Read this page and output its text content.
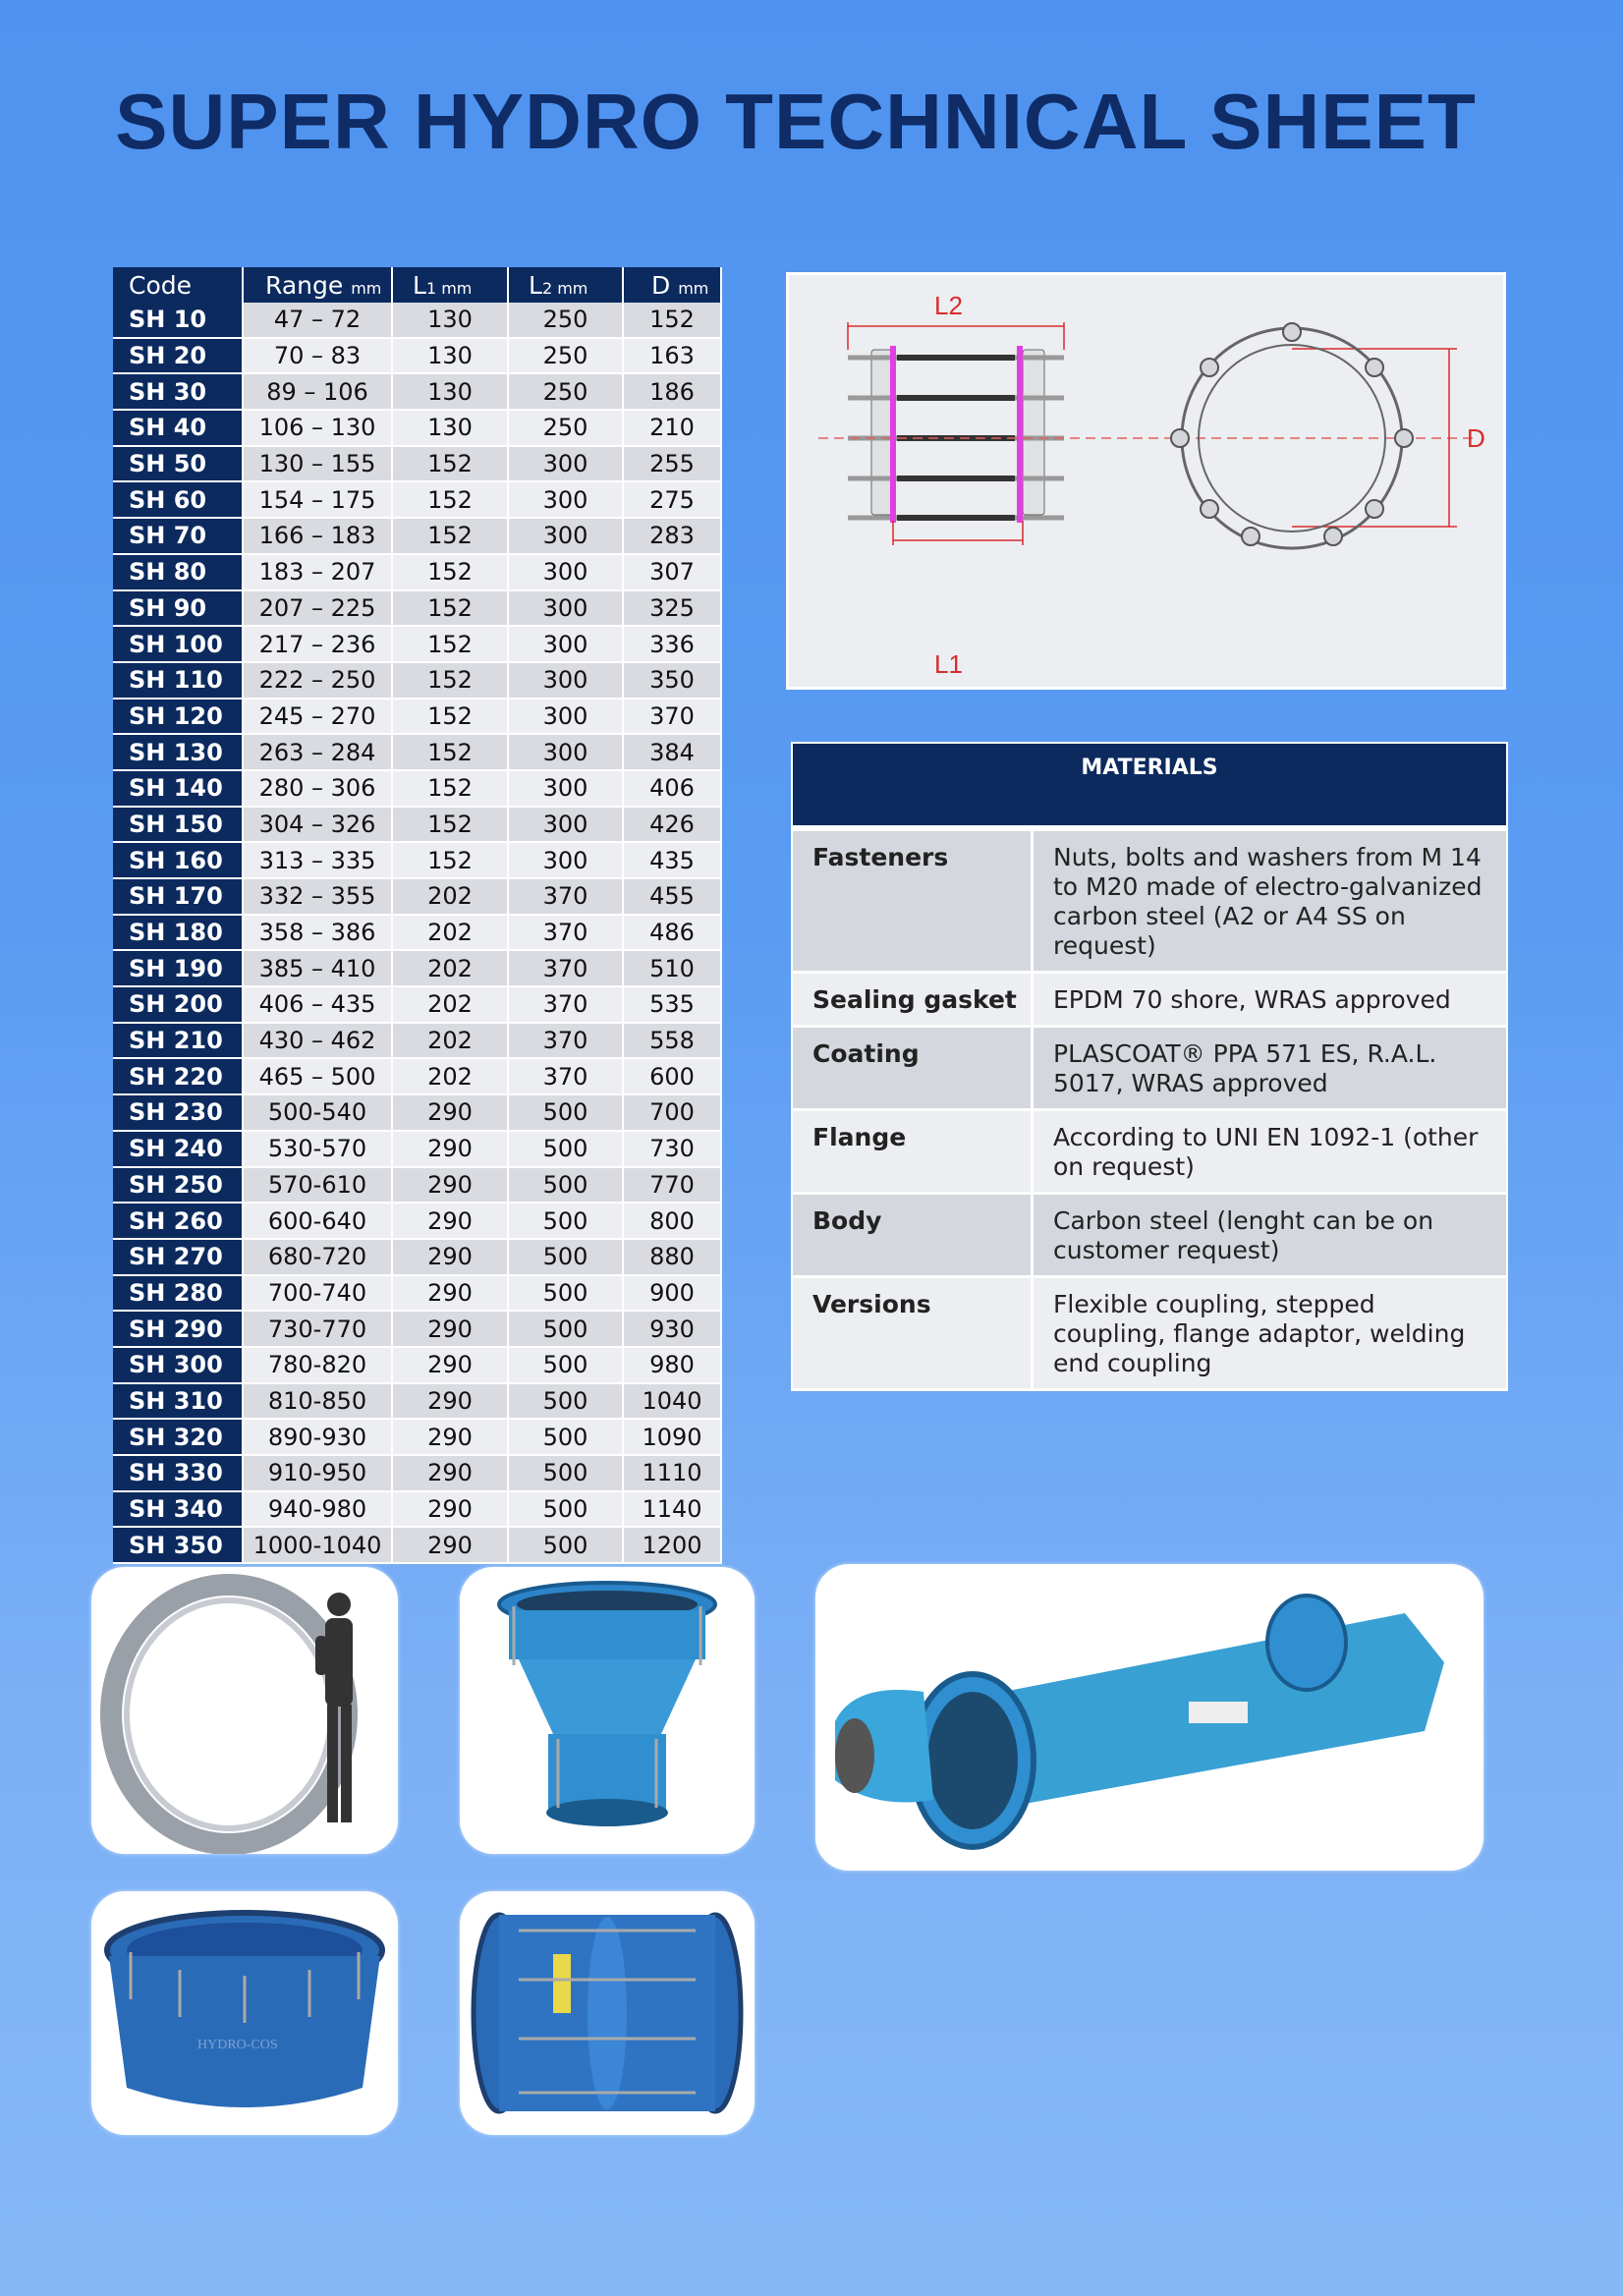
SUPER HYDRO TECHNICAL SHEET
Code	Range mm	L1 mm	L2 mm	D mm
SH 10	47 – 72	130	250	152
SH 20	70 – 83	130	250	163
SH 30	89 – 106	130	250	186
SH 40	106 – 130	130	250	210
SH 50	130 – 155	152	300	255
SH 60	154 – 175	152	300	275
SH 70	166 – 183	152	300	283
SH 80	183 – 207	152	300	307
SH 90	207 – 225	152	300	325
SH 100	217 – 236	152	300	336
SH 110	222 – 250	152	300	350
SH 120	245 – 270	152	300	370
SH 130	263 – 284	152	300	384
SH 140	280 – 306	152	300	406
SH 150	304 – 326	152	300	426
SH 160	313 – 335	152	300	435
SH 170	332 – 355	202	370	455
SH 180	358 – 386	202	370	486
SH 190	385 – 410	202	370	510
SH 200	406 – 435	202	370	535
SH 210	430 – 462	202	370	558
SH 220	465 – 500	202	370	600
SH 230	500-540	290	500	700
SH 240	530-570	290	500	730
SH 250	570-610	290	500	770
SH 260	600-640	290	500	800
SH 270	680-720	290	500	880
SH 280	700-740	290	500	900
SH 290	730-770	290	500	930
SH 300	780-820	290	500	980
SH 310	810-850	290	500	1040
SH 320	890-930	290	500	1090
SH 330	910-950	290	500	1110
SH 340	940-980	290	500	1140
SH 350	1000-1040	290	500	1200
L2
L1
D
MATERIALS	
Fasteners	Nuts, bolts and washers from M 14 to M20 made of electro-galvanized carbon steel (A2 or A4 SS on request)
Sealing gasket	EPDM 70 shore, WRAS approved
Coating	PLASCOAT® PPA 571 ES, R.A.L. 5017, WRAS approved
Flange	According to UNI EN 1092-1 (other on request)
Body	Carbon steel (lenght can be on customer request)
Versions	Flexible coupling, stepped coupling, flange adaptor, welding end coupling
HYDRO-COS
